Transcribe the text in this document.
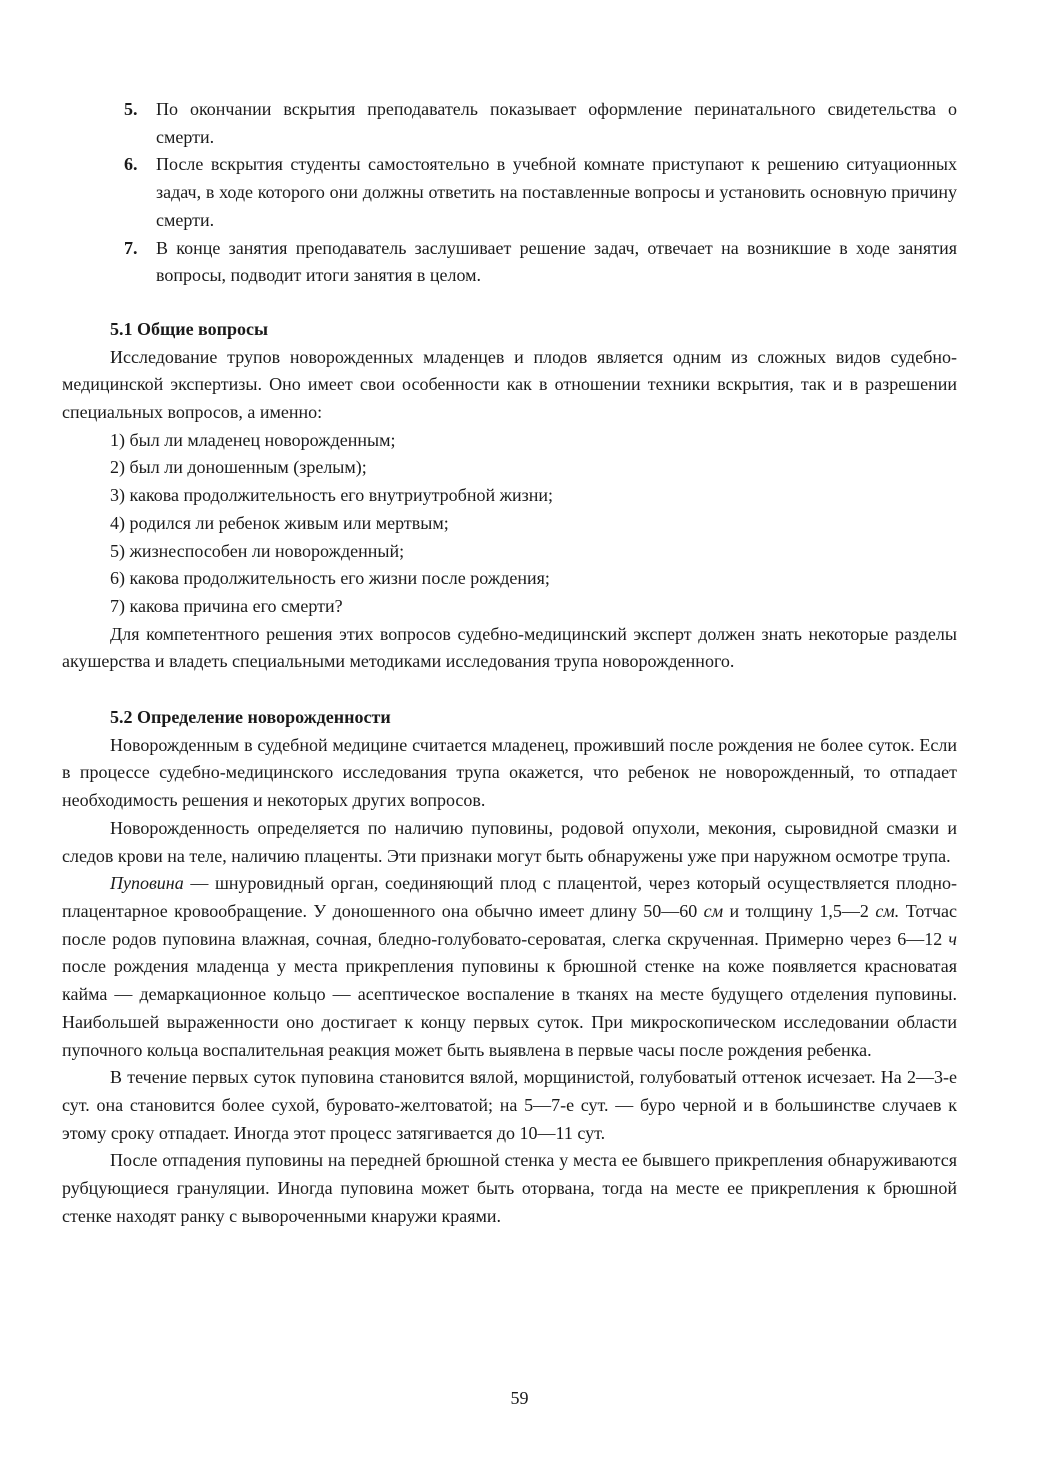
5. По окончании вскрытия преподаватель показывает оформление перинатального свидетельства о смерти.
6. После вскрытия студенты самостоятельно в учебной комнате приступают к решению ситуационных задач, в ходе которого они должны ответить на поставленные вопросы и установить основную причину смерти.
7. В конце занятия преподаватель заслушивает решение задач, отвечает на возникшие в ходе занятия вопросы, подводит итоги занятия в целом.
5.1 Общие вопросы

Исследование трупов новорожденных младенцев и плодов является одним из сложных видов судебно-медицинской экспертизы. Оно имеет свои особенности как в отношении техники вскрытия, так и в разрешении специальных вопросов, а именно:

1) был ли младенец новорожденным;
2) был ли доношенным (зрелым);
3) какова продолжительность его внутриутробной жизни;
4) родился ли ребенок живым или мертвым;
5) жизнеспособен ли новорожденный;
6) какова продолжительность его жизни после рождения;
7) какова причина его смерти?

Для компетентного решения этих вопросов судебно-медицинский эксперт должен знать некоторые разделы акушерства и владеть специальными методиками исследования трупа новорожденного.

5.2 Определение новорожденности

Новорожденным в судебной медицине считается младенец, проживший после рождения не более суток. Если в процессе судебно-медицинского исследования трупа окажется, что ребенок не новорожденный, то отпадает необходимость решения и некоторых других вопросов.

Новорожденность определяется по наличию пуповины, родовой опухоли, мекония, сыровидной смазки и следов крови на теле, наличию плаценты. Эти признаки могут быть обнаружены уже при наружном осмотре трупа.

Пуповина — шнуровидный орган, соединяющий плод с плацентой, через который осуществляется плодно-плацентарное кровообращение. У доношенного она обычно имеет длину 50—60 см и толщину 1,5—2 см. Тотчас после родов пуповина влажная, сочная, бледно-голубовато-сероватая, слегка скрученная. Примерно через 6—12 ч после рождения младенца у места прикрепления пуповины к брюшной стенке на коже появляется красноватая кайма — демаркационное кольцо — асептическое воспаление в тканях на месте будущего отделения пуповины. Наибольшей выраженности оно достигает к концу первых суток. При микроскопическом исследовании области пупочного кольца воспалительная реакция может быть выявлена в первые часы после рождения ребенка.

В течение первых суток пуповина становится вялой, морщинистой, голубоватый оттенок исчезает. На 2—3-е сут. она становится более сухой, буровато-желтоватой; на 5—7-е сут. — буро черной и в большинстве случаев к этому сроку отпадает. Иногда этот процесс затягивается до 10—11 сут.

После отпадения пуповины на передней брюшной стенка у места ее бывшего прикрепления обнаруживаются рубцующиеся грануляции. Иногда пуповина может быть оторвана, тогда на месте ее прикрепления к брюшной стенке находят ранку с вывороченными кнаружи краями.

59
